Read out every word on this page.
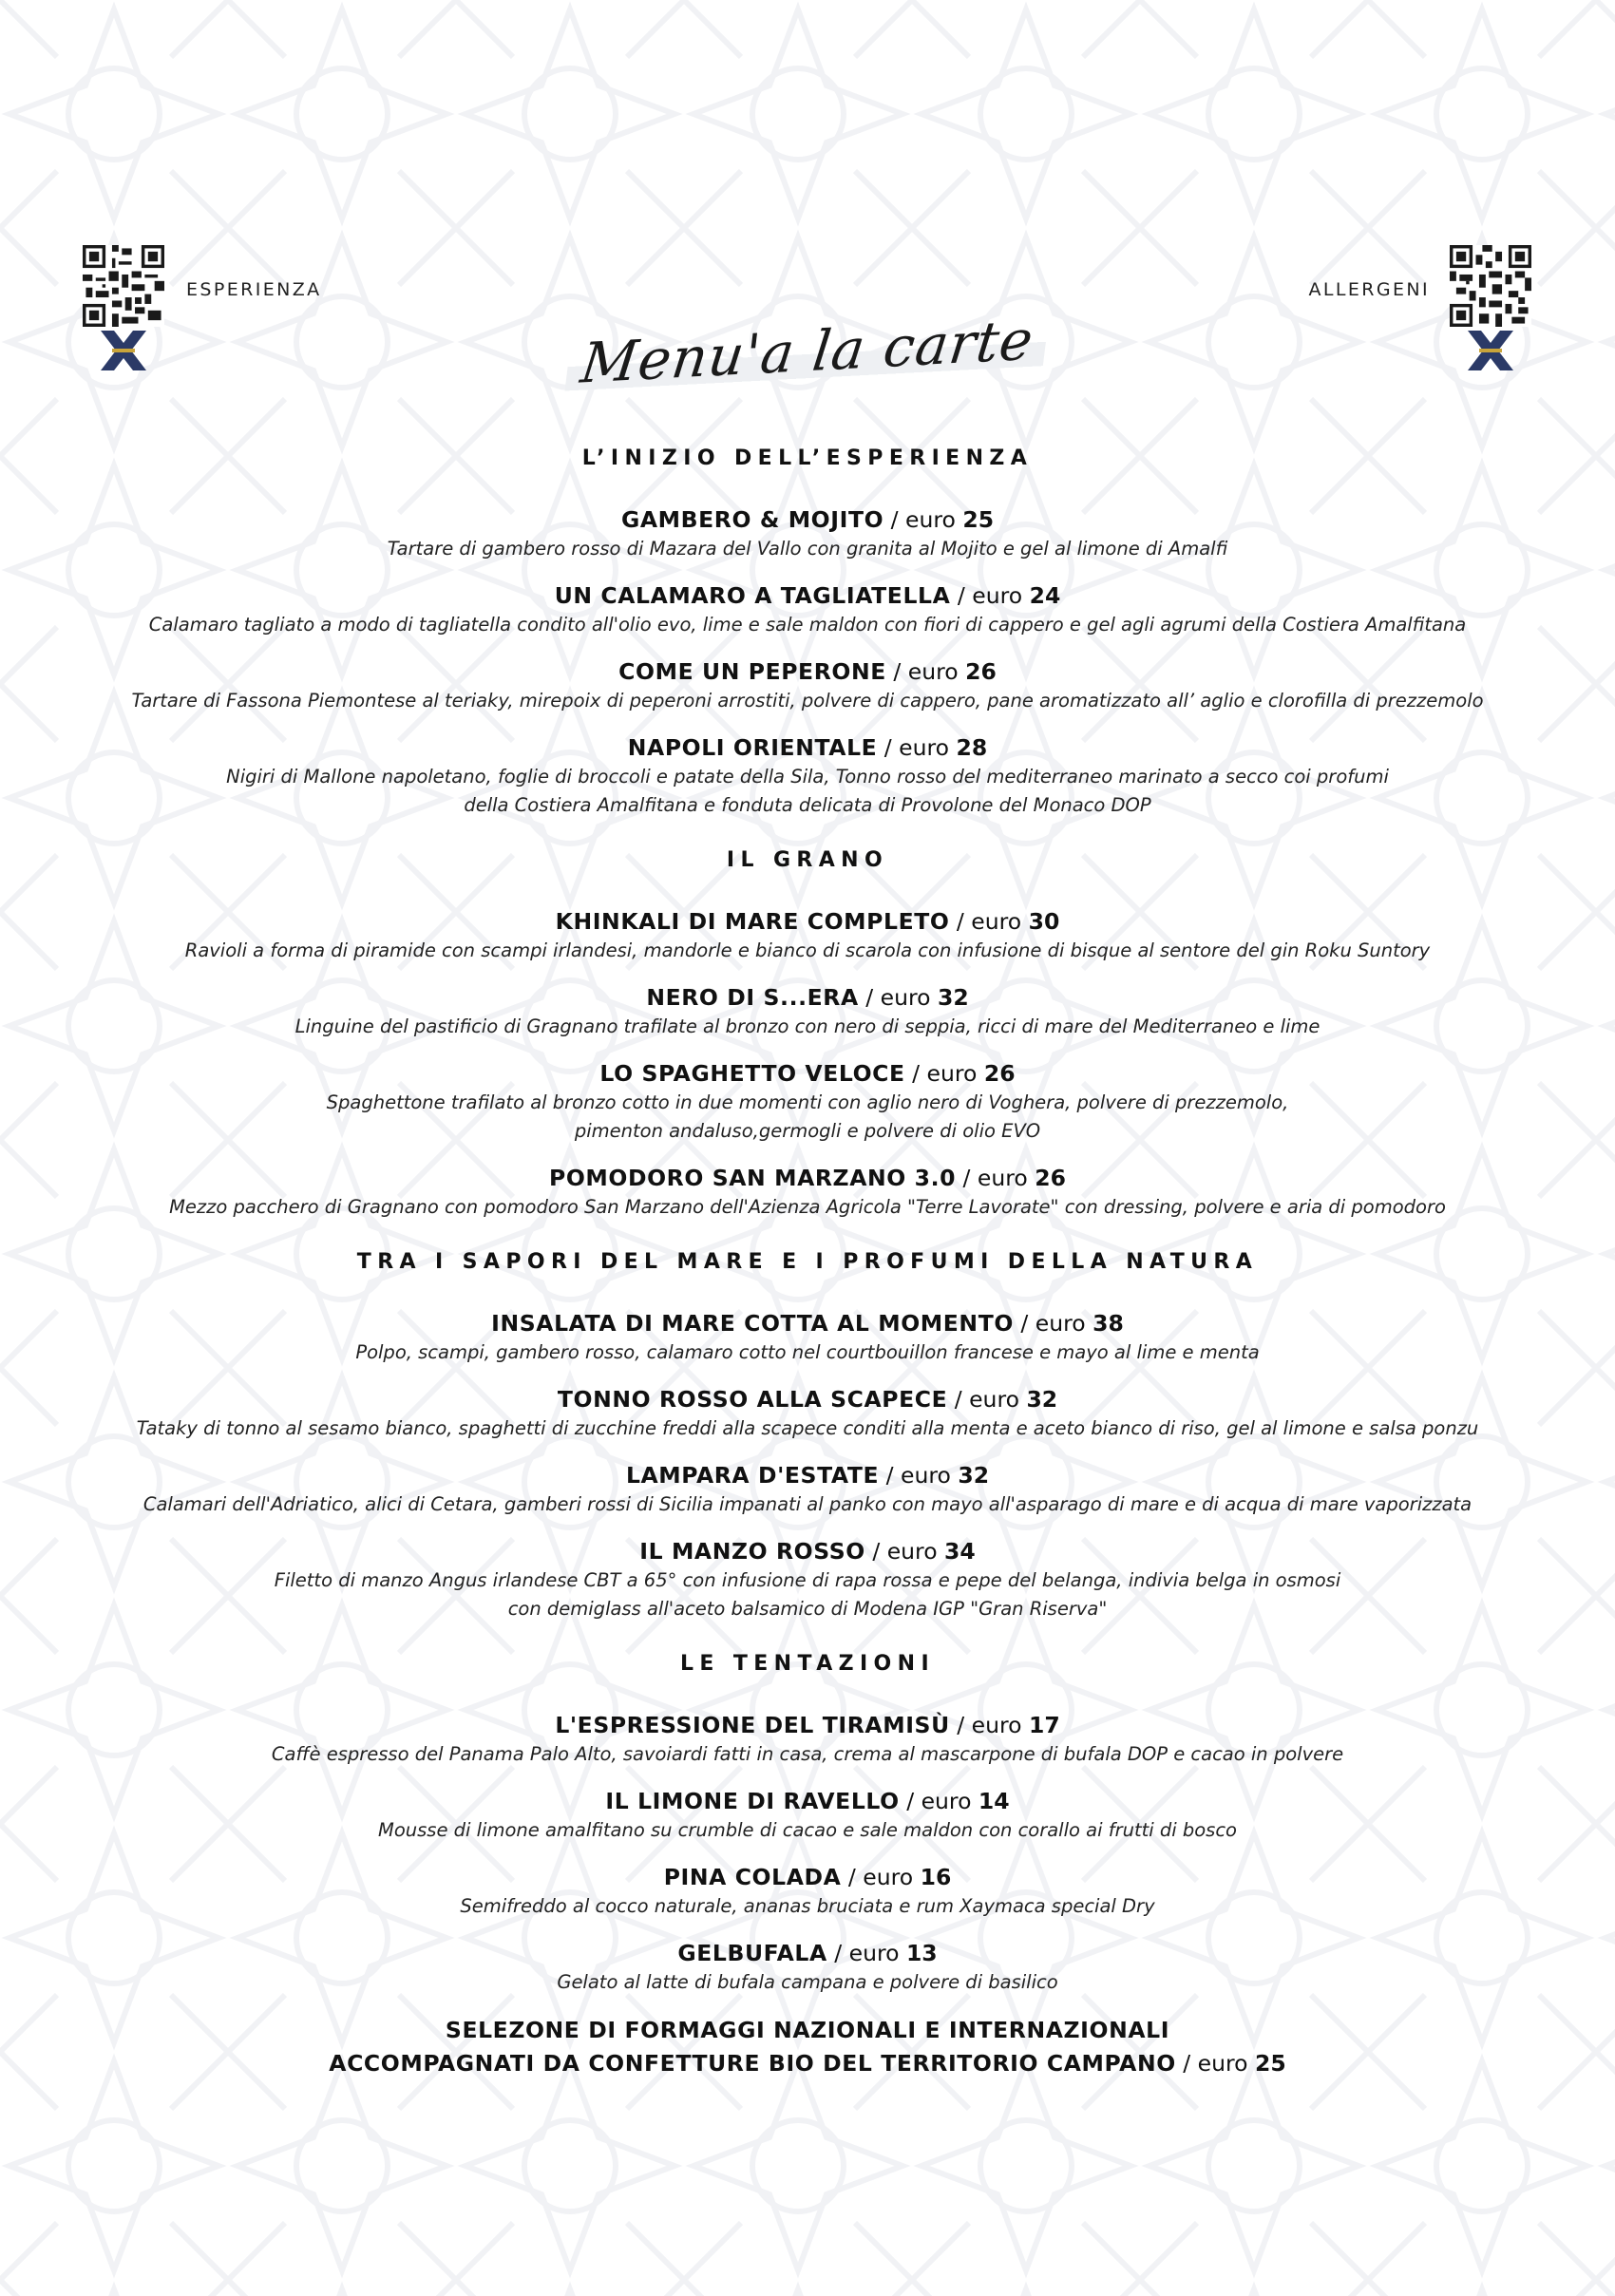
ESPERIENZA	ALLERGENI
Menu'a la carte
L’INIZIO DELL’ESPERIENZA
GAMBERO & MOJITO / euro 25
Tartare di gambero rosso di Mazara del Vallo con granita al Mojito e gel al limone di Amalfi
UN CALAMARO A TAGLIATELLA / euro 24
Calamaro tagliato a modo di tagliatella condito all'olio evo, lime e sale maldon con fiori di cappero e gel agli agrumi della Costiera Amalfitana
COME UN PEPERONE / euro 26
Tartare di Fassona Piemontese al teriaky, mirepoix di peperoni arrostiti, polvere di cappero, pane aromatizzato all’ aglio e clorofilla di prezzemolo
NAPOLI ORIENTALE / euro 28
Nigiri di Mallone napoletano, foglie di broccoli e patate della Sila, Tonno rosso del mediterraneo marinato a secco coi profumi
della Costiera Amalfitana e fonduta delicata di Provolone del Monaco DOP
IL GRANO
KHINKALI DI MARE COMPLETO / euro 30
Ravioli a forma di piramide con scampi irlandesi, mandorle e bianco di scarola con infusione di bisque al sentore del gin Roku Suntory
NERO DI S...ERA / euro 32
Linguine del pastificio di Gragnano trafilate al bronzo con nero di seppia, ricci di mare del Mediterraneo e lime
LO SPAGHETTO VELOCE / euro 26
Spaghettone trafilato al bronzo cotto in due momenti con aglio nero di Voghera, polvere di prezzemolo,
pimenton andaluso,germogli e polvere di olio EVO
POMODORO SAN MARZANO 3.0 / euro 26
Mezzo pacchero di Gragnano con pomodoro San Marzano dell'Azienza Agricola "Terre Lavorate" con dressing, polvere e aria di pomodoro
TRA I SAPORI DEL MARE E I PROFUMI DELLA NATURA
INSALATA DI MARE COTTA AL MOMENTO / euro 38
Polpo, scampi, gambero rosso, calamaro cotto nel courtbouillon francese e mayo al lime e menta
TONNO ROSSO ALLA SCAPECE / euro 32
Tataky di tonno al sesamo bianco, spaghetti di zucchine freddi alla scapece conditi alla menta e aceto bianco di riso, gel al limone e salsa ponzu
LAMPARA D'ESTATE / euro 32
Calamari dell'Adriatico, alici di Cetara, gamberi rossi di Sicilia impanati al panko con mayo all'asparago di mare e di acqua di mare vaporizzata
IL MANZO ROSSO / euro 34
Filetto di manzo Angus irlandese CBT a 65° con infusione di rapa rossa e pepe del belanga, indivia belga in osmosi
con demiglass all'aceto balsamico di Modena IGP "Gran Riserva"
LE TENTAZIONI
L'ESPRESSIONE DEL TIRAMISÙ / euro 17
Caffè espresso del Panama Palo Alto, savoiardi fatti in casa, crema al mascarpone di bufala DOP e cacao in polvere
IL LIMONE DI RAVELLO / euro 14
Mousse di limone amalfitano su crumble di cacao e sale maldon con corallo ai frutti di bosco
PINA COLADA / euro 16
Semifreddo al cocco naturale, ananas bruciata e rum Xaymaca special Dry
GELBUFALA / euro 13
Gelato al latte di bufala campana e polvere di basilico
SELEZONE DI FORMAGGI NAZIONALI E INTERNAZIONALI
ACCOMPAGNATI DA CONFETTURE BIO DEL TERRITORIO CAMPANO / euro 25
